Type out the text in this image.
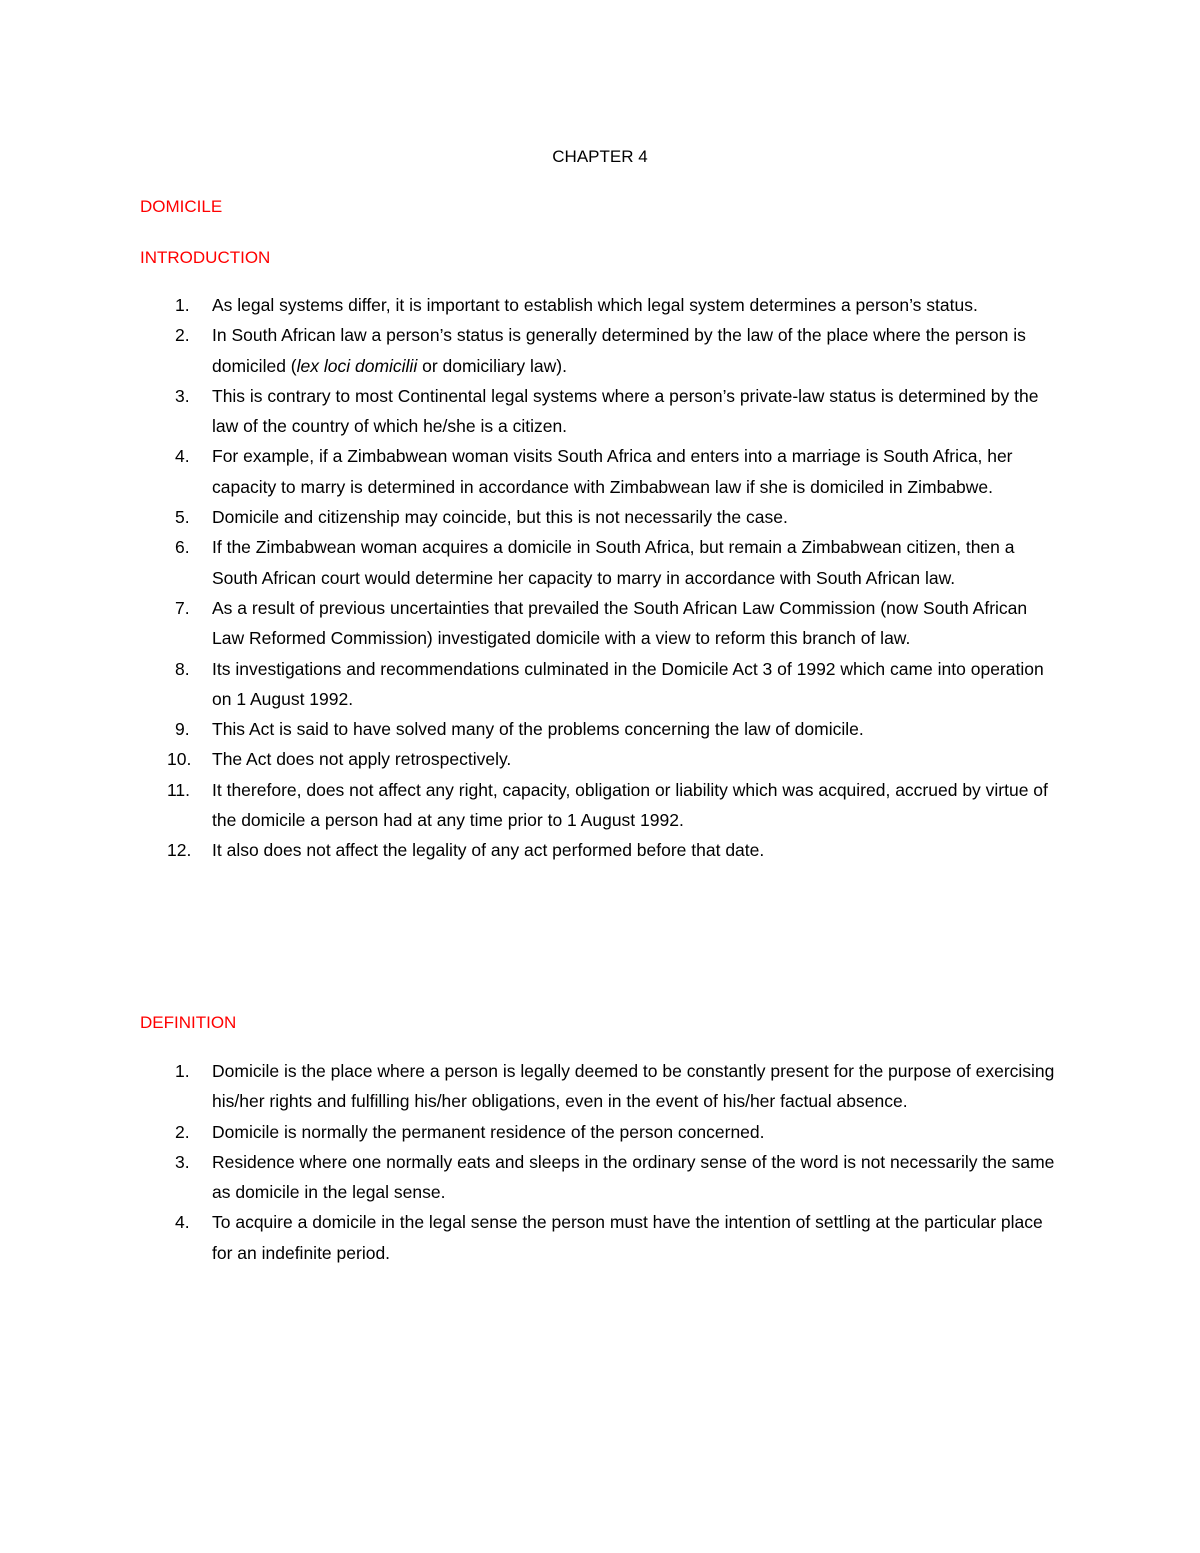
CHAPTER 4
DOMICILE
INTRODUCTION
1.	As legal systems differ, it is important to establish which legal system determines a person’s status.
2.	In South African law a person’s status is generally determined by the law of the place where the person is domiciled (lex loci domicilii or domiciliary law).
3.	This is contrary to most Continental legal systems where a person’s private-law status is determined by the law of the country of which he/she is a citizen.
4.	For example, if a Zimbabwean woman visits South Africa and enters into a marriage is South Africa, her capacity to marry is determined in accordance with Zimbabwean law if she is domiciled in Zimbabwe.
5.	Domicile and citizenship may coincide, but this is not necessarily the case.
6.	If the Zimbabwean woman acquires a domicile in South Africa, but remain a Zimbabwean citizen, then a South African court would determine her capacity to marry in accordance with South African law.
7.	As a result of previous uncertainties that prevailed the South African Law Commission (now South African Law Reformed Commission) investigated domicile with a view to reform this branch of law.
8.	Its investigations and recommendations culminated in the Domicile Act 3 of 1992 which came into operation on 1 August 1992.
9.	This Act is said to have solved many of the problems concerning the law of domicile.
10.	The Act does not apply retrospectively.
11.	It therefore, does not affect any right, capacity, obligation or liability which was acquired, accrued by virtue of the domicile a person had at any time prior to 1 August 1992.
12.	It also does not affect the legality of any act performed before that date.
DEFINITION
1.	Domicile is the place where a person is legally deemed to be constantly present for the purpose of exercising his/her rights and fulfilling his/her obligations, even in the event of his/her factual absence.
2.	Domicile is normally the permanent residence of the person concerned.
3.	Residence where one normally eats and sleeps in the ordinary sense of the word is not necessarily the same as domicile in the legal sense.
4.	To acquire a domicile in the legal sense the person must have the intention of settling at the particular place for an indefinite period.
